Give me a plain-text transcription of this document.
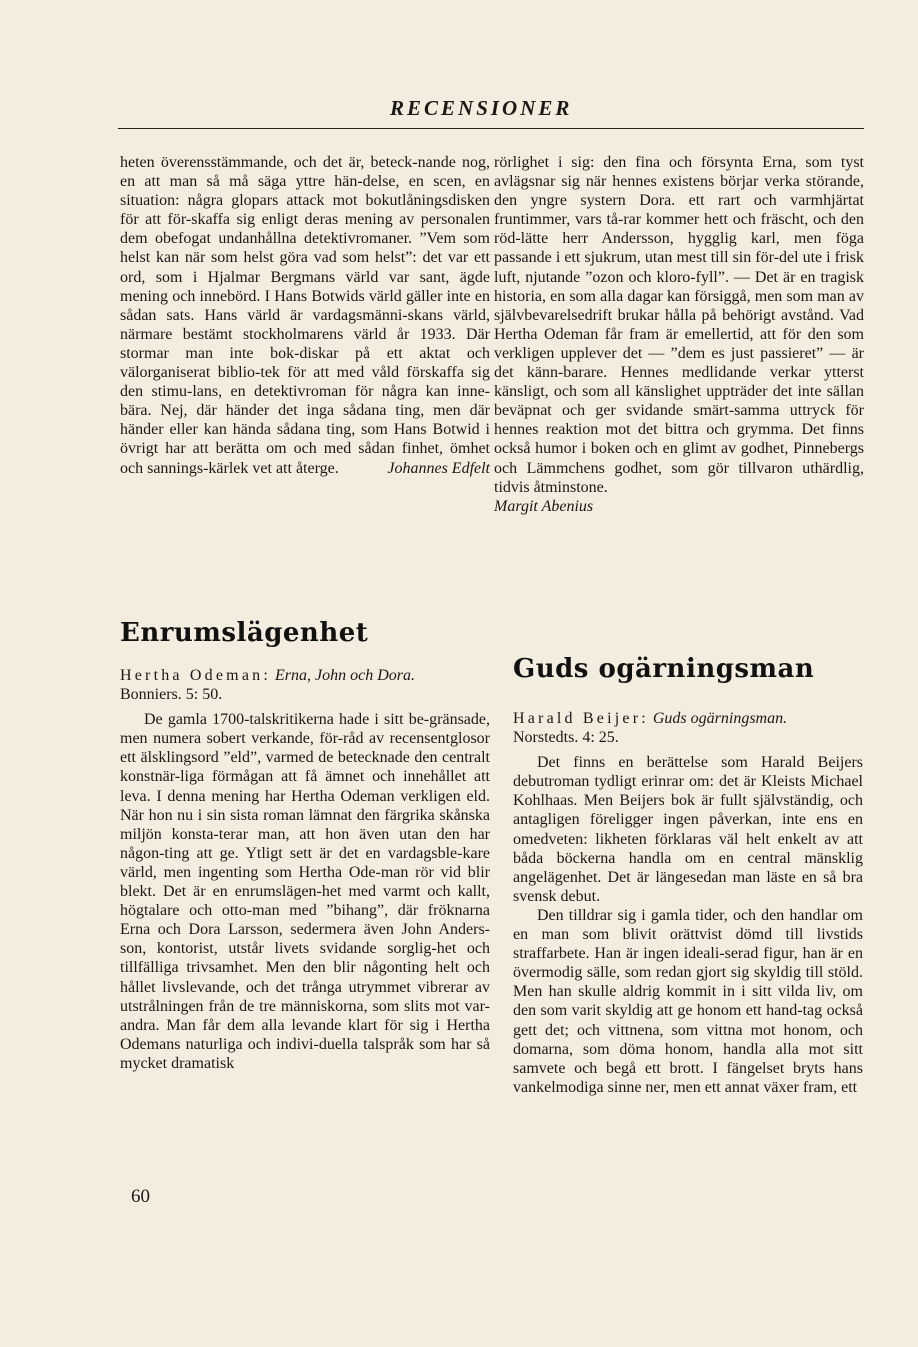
RECENSIONER

heten överensstämmande, och det är, beteck-nande nog, en att man så må säga yttre hän-delse, en scen, en situation: några glopars attack mot bokutlåningsdisken för att för-skaffa sig enligt deras mening av personalen dem obefogat undanhållna detektivromaner. ”Vem som helst kan när som helst göra vad som helst”: det var ett ord, som i Hjalmar Bergmans värld var sant, ägde mening och innebörd. I Hans Botwids värld gäller inte en sådan sats. Hans värld är vardagsmänni-skans värld, närmare bestämt stockholmarens värld år 1933. Där stormar man inte bok-diskar på ett aktat och välorganiserat biblio-tek för att med våld förskaffa sig den stimu-lans, en detektivroman för några kan inne-bära. Nej, där händer det inga sådana ting, men där händer eller kan hända sådana ting, som Hans Botwid i övrigt har att berätta om och med sådan finhet, ömhet och sannings-kärlek vet att återge.	Johannes Edfelt

Enrumslägenhet

Hertha Odeman: Erna, John och Dora.
Bonniers. 5: 50.

De gamla 1700-talskritikerna hade i sitt be-gränsade, men numera sobert verkande, för-råd av recensentglosor ett älsklingsord ”eld”, varmed de betecknade den centralt konstnär-liga förmågan att få ämnet och innehållet att leva. I denna mening har Hertha Odeman verkligen eld. När hon nu i sin sista roman lämnat den färgrika skånska miljön konsta-terar man, att hon även utan den har någon-ting att ge. Ytligt sett är det en vardagsble-kare värld, men ingenting som Hertha Ode-man rör vid blir blekt. Det är en enrumslägen-het med varmt och kallt, högtalare och otto-man med ”bihang”, där fröknarna Erna och Dora Larsson, sedermera även John Anders-son, kontorist, utstår livets svidande sorglig-het och tillfälliga trivsamhet. Men den blir någonting helt och hållet livslevande, och det trånga utrymmet vibrerar av utstrålningen från de tre människorna, som slits mot var-andra. Man får dem alla levande klart för sig i Hertha Odemans naturliga och indivi-duella talspråk som har så mycket dramatisk

rörlighet i sig: den fina och försynta Erna, som tyst avlägsnar sig när hennes existens börjar verka störande, den yngre systern Dora. ett rart och varmhjärtat fruntimmer, vars tå-rar kommer hett och fräscht, och den röd-lätte herr Andersson, hygglig karl, men föga passande i ett sjukrum, utan mest till sin för-del ute i frisk luft, njutande ”ozon och kloro-fyll”. — Det är en tragisk historia, en som alla dagar kan försiggå, men som man av självbevarelsedrift brukar hålla på behörigt avstånd. Vad Hertha Odeman får fram är emellertid, att för den som verkligen upplever det — ”dem es just passieret” — är det känn-barare. Hennes medlidande verkar ytterst känsligt, och som all känslighet uppträder det inte sällan beväpnat och ger svidande smärt-samma uttryck för hennes reaktion mot det bittra och grymma. Det finns också humor i boken och en glimt av godhet, Pinnebergs och Lämmchens godhet, som gör tillvaron uthärdlig, tidvis åtminstone.

Margit Abenius

Guds ogärningsman

Harald Beijer: Guds ogärningsman.
Norstedts. 4: 25.

Det finns en berättelse som Harald Beijers debutroman tydligt erinrar om: det är Kleists Michael Kohlhaas. Men Beijers bok är fullt självständig, och antagligen föreligger ingen påverkan, inte ens en omedveten: likheten förklaras väl helt enkelt av att båda böckerna handla om en central mänsklig angelägenhet. Det är längesedan man läste en så bra svensk debut.

Den tilldrar sig i gamla tider, och den handlar om en man som blivit orättvist dömd till livstids straffarbete. Han är ingen ideali-serad figur, han är en övermodig sälle, som redan gjort sig skyldig till stöld. Men han skulle aldrig kommit in i sitt vilda liv, om den som varit skyldig att ge honom ett hand-tag också gett det; och vittnena, som vittna mot honom, och domarna, som döma honom, handla alla mot sitt samvete och begå ett brott. I fängelset bryts hans vankelmodiga sinne ner, men ett annat växer fram, ett

60
